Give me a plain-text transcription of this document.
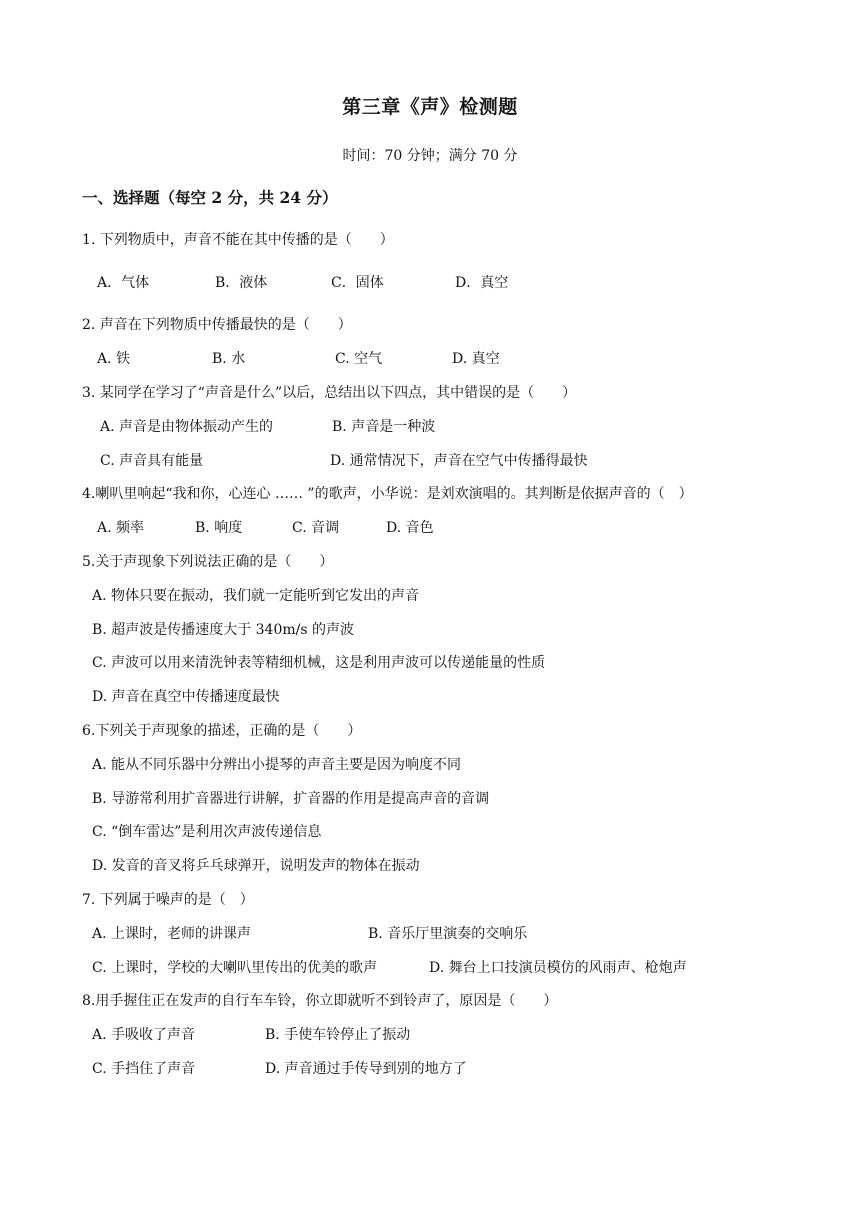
第三章《声》检测题
时间：70 分钟；满分 70 分
一、选择题（每空 2 分，共 24 分）
1. 下列物质中，声音不能在其中传播的是（　　）
A．气体	B．液体	C．固体	D．真空
2. 声音在下列物质中传播最快的是（　　）
A. 铁	B. 水	C. 空气	D. 真空
3. 某同学在学习了“声音是什么”以后，总结出以下四点，其中错误的是（　　）
A. 声音是由物体振动产生的	B. 声音是一种波
C. 声音具有能量	D. 通常情况下，声音在空气中传播得最快
4.喇叭里响起“我和你，心连心 …… ”的歌声，小华说：是刘欢演唱的。其判断是依据声音的（　）
A. 频率	B. 响度	C. 音调	D. 音色
5.关于声现象下列说法正确的是（　　）
A. 物体只要在振动，我们就一定能听到它发出的声音
B. 超声波是传播速度大于 340m/s 的声波
C. 声波可以用来清洗钟表等精细机械，这是利用声波可以传递能量的性质
D. 声音在真空中传播速度最快
6.下列关于声现象的描述，正确的是（　　）
A. 能从不同乐器中分辨出小提琴的声音主要是因为响度不同
B. 导游常利用扩音器进行讲解，扩音器的作用是提高声音的音调
C. “倒车雷达”是利用次声波传递信息
D. 发音的音叉将乒乓球弹开，说明发声的物体在振动
7. 下列属于噪声的是（　）
A. 上课时，老师的讲课声	B. 音乐厅里演奏的交响乐
C. 上课时，学校的大喇叭里传出的优美的歌声	D. 舞台上口技演员模仿的风雨声、枪炮声
8.用手握住正在发声的自行车车铃，你立即就听不到铃声了，原因是（　　）
A. 手吸收了声音	B. 手使车铃停止了振动
C. 手挡住了声音	D. 声音通过手传导到别的地方了
